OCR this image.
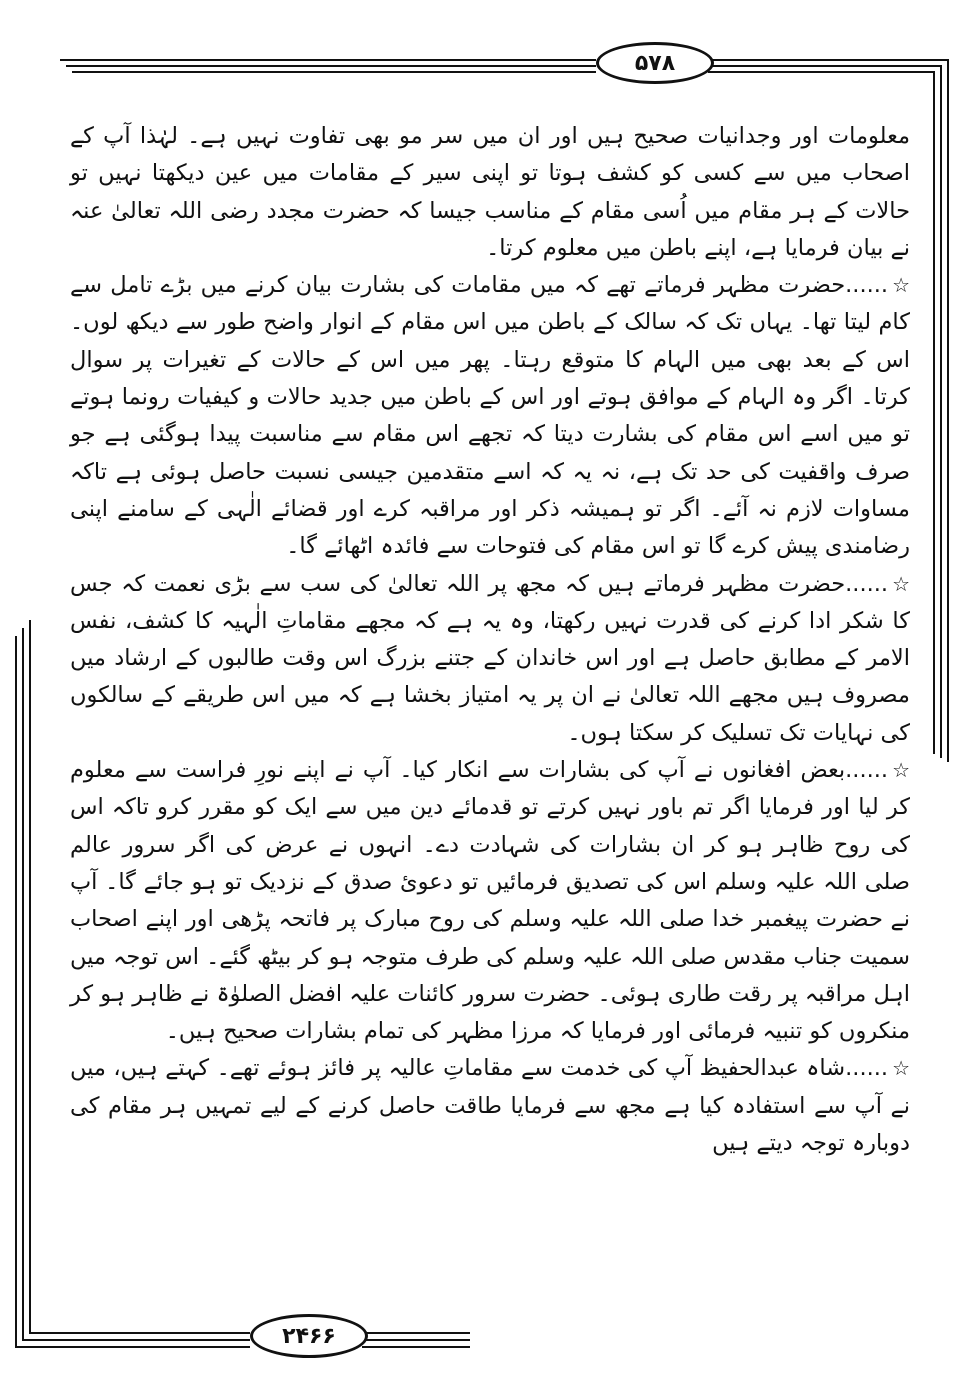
۵۷۸
۲۴۶۶

معلومات اور وجدانیات صحیح ہیں اور ان میں سر مو بھی تفاوت نہیں ہے۔ لہٰذا آپ کے اصحاب میں سے کسی کو کشف ہوتا تو اپنی سیر کے مقامات میں عین دیکھتا نہیں تو حالات کے ہر مقام میں اُسی مقام کے مناسب جیسا کہ حضرت مجدد رضی اللہ تعالیٰ عنہ نے بیان فرمایا ہے، اپنے باطن میں معلوم کرتا۔

☆......حضرت مظہر فرماتے تھے کہ میں مقامات کی بشارت بیان کرنے میں بڑے تامل سے کام لیتا تھا۔ یہاں تک کہ سالک کے باطن میں اس مقام کے انوار واضح طور سے دیکھ لوں۔ اس کے بعد بھی میں الہام کا متوقع رہتا۔ پھر میں اس کے حالات کے تغیرات پر سوال کرتا۔ اگر وہ الہام کے موافق ہوتے اور اس کے باطن میں جدید حالات و کیفیات رونما ہوتے تو میں اسے اس مقام کی بشارت دیتا کہ تجھے اس مقام سے مناسبت پیدا ہوگئی ہے جو صرف واقفیت کی حد تک ہے، نہ یہ کہ اسے متقدمین جیسی نسبت حاصل ہوئی ہے تاکہ مساوات لازم نہ آئے۔ اگر تو ہمیشہ ذکر اور مراقبہ کرے اور قضائے الٰہی کے سامنے اپنی رضامندی پیش کرے گا تو اس مقام کی فتوحات سے فائدہ اٹھائے گا۔

☆......حضرت مظہر فرماتے ہیں کہ مجھ پر اللہ تعالیٰ کی سب سے بڑی نعمت کہ جس کا شکر ادا کرنے کی قدرت نہیں رکھتا، وہ یہ ہے کہ مجھے مقاماتِ الٰہیہ کا کشف، نفس الامر کے مطابق حاصل ہے اور اس خاندان کے جتنے بزرگ اس وقت طالبوں کے ارشاد میں مصروف ہیں مجھے اللہ تعالیٰ نے ان پر یہ امتیاز بخشا ہے کہ میں اس طریقے کے سالکوں کی نہایات تک تسلیک کر سکتا ہوں۔

☆......بعض افغانوں نے آپ کی بشارات سے انکار کیا۔ آپ نے اپنے نورِ فراست سے معلوم کر لیا اور فرمایا اگر تم باور نہیں کرتے تو قدمائے دین میں سے ایک کو مقرر کرو تاکہ اس کی روح ظاہر ہو کر ان بشارات کی شہادت دے۔ انہوں نے عرض کی اگر سرور عالم صلی اللہ علیہ وسلم اس کی تصدیق فرمائیں تو دعویٔ صدق کے نزدیک تو ہو جائے گا۔ آپ نے حضرت پیغمبر خدا صلی اللہ علیہ وسلم کی روح مبارک پر فاتحہ پڑھی اور اپنے اصحاب سمیت جناب مقدس صلی اللہ علیہ وسلم کی طرف متوجہ ہو کر بیٹھ گئے۔ اس توجہ میں اہل مراقبہ پر رقت طاری ہوئی۔ حضرت سرور کائنات علیہ افضل الصلوٰۃ نے ظاہر ہو کر منکروں کو تنبیہ فرمائی اور فرمایا کہ مرزا مظہر کی تمام بشارات صحیح ہیں۔

☆......شاہ عبدالحفیظ آپ کی خدمت سے مقاماتِ عالیہ پر فائز ہوئے تھے۔ کہتے ہیں، میں نے آپ سے استفادہ کیا ہے مجھ سے فرمایا طاقت حاصل کرنے کے لیے تمہیں ہر مقام کی دوبارہ توجہ دیتے ہیں
